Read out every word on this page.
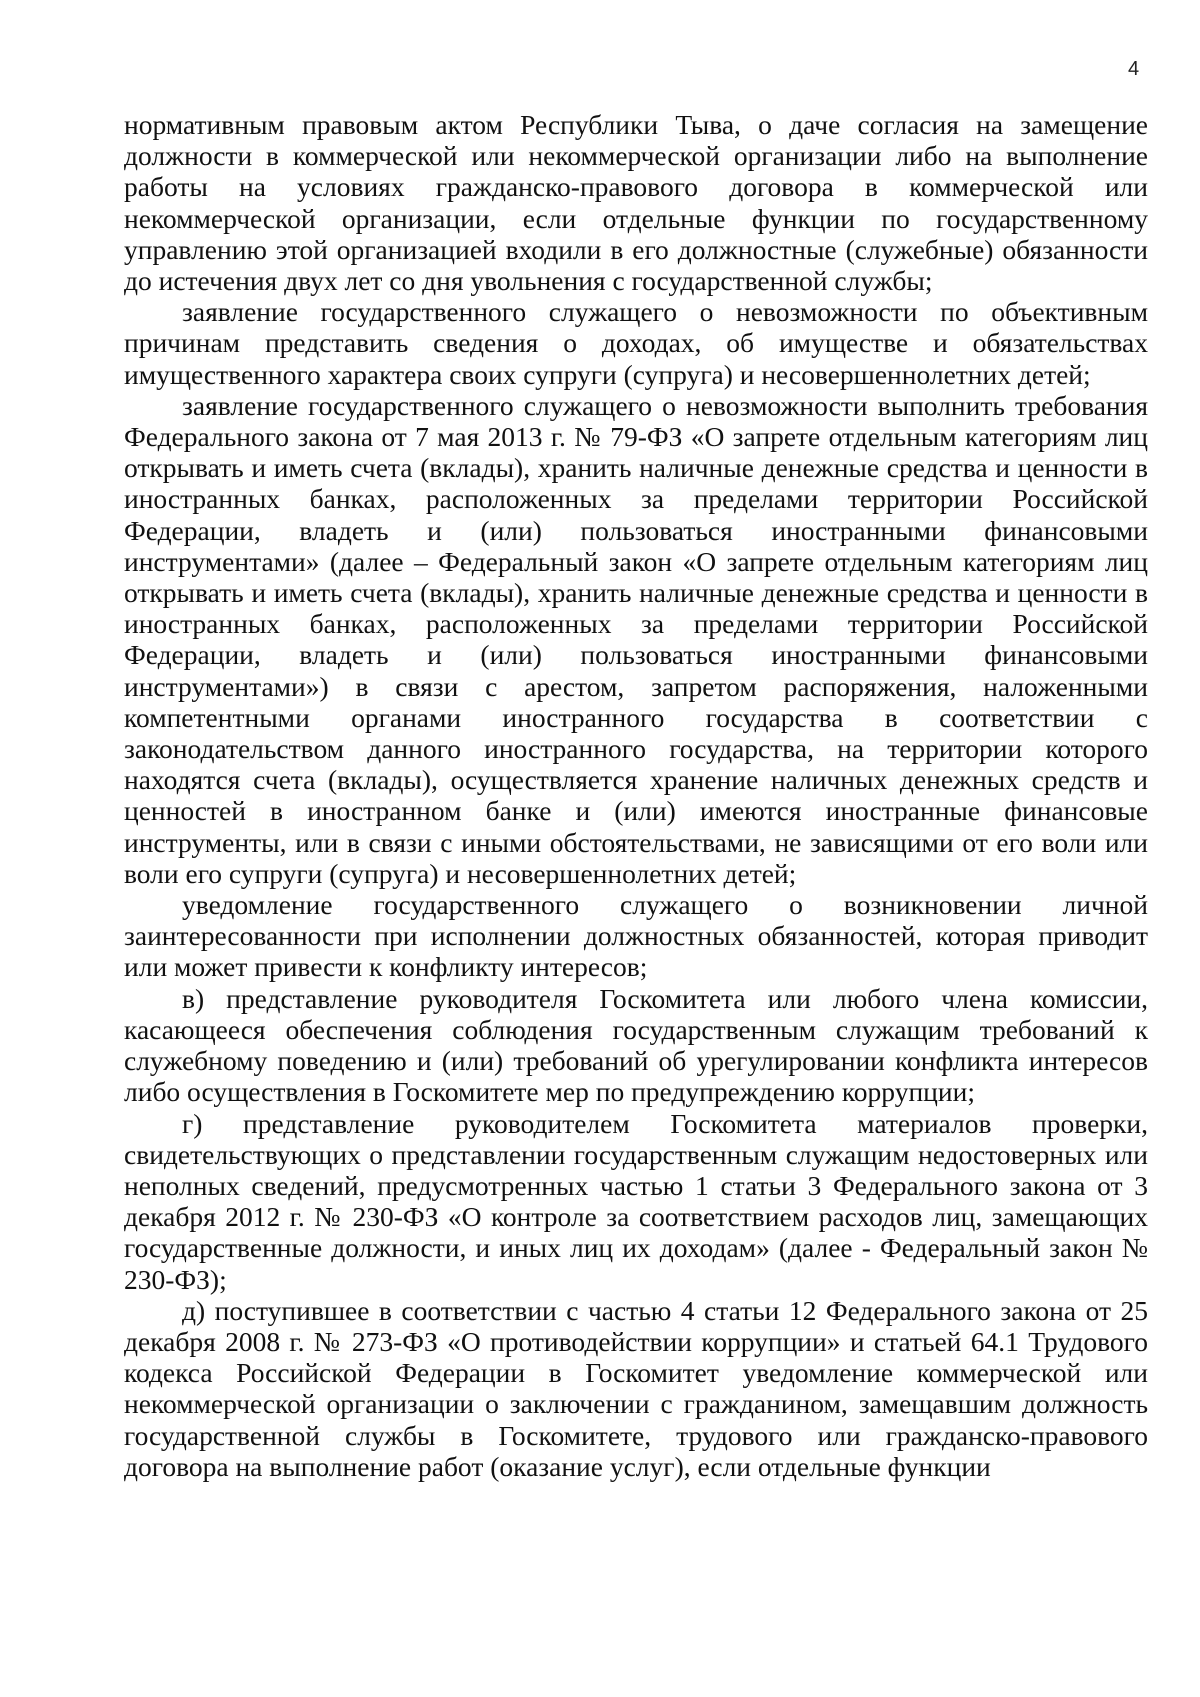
4

нормативным правовым актом Республики Тыва, о даче согласия на замещение должности в коммерческой или некоммерческой организации либо на выполнение работы на условиях гражданско-правового договора в коммерческой или некоммерческой организации, если отдельные функции по государственному управлению этой организацией входили в его должностные (служебные) обязанности до истечения двух лет со дня увольнения с государственной службы;

заявление государственного служащего о невозможности по объективным причинам представить сведения о доходах, об имуществе и обязательствах имущественного характера своих супруги (супруга) и несовершеннолетних детей;

заявление государственного служащего о невозможности выполнить требования Федерального закона от 7 мая 2013 г. № 79-ФЗ «О запрете отдельным категориям лиц открывать и иметь счета (вклады), хранить наличные денежные средства и ценности в иностранных банках, расположенных за пределами территории Российской Федерации, владеть и (или) пользоваться иностранными финансовыми инструментами» (далее – Федеральный закон «О запрете отдельным категориям лиц открывать и иметь счета (вклады), хранить наличные денежные средства и ценности в иностранных банках, расположенных за пределами территории Российской Федерации, владеть и (или) пользоваться иностранными финансовыми инструментами») в связи с арестом, запретом распоряжения, наложенными компетентными органами иностранного государства в соответствии с законодательством данного иностранного государства, на территории которого находятся счета (вклады), осуществляется хранение наличных денежных средств и ценностей в иностранном банке и (или) имеются иностранные финансовые инструменты, или в связи с иными обстоятельствами, не зависящими от его воли или воли его супруги (супруга) и несовершеннолетних детей;

уведомление государственного служащего о возникновении личной заинтересованности при исполнении должностных обязанностей, которая приводит или может привести к конфликту интересов;

в) представление руководителя Госкомитета или любого члена комиссии, касающееся обеспечения соблюдения государственным служащим требований к служебному поведению и (или) требований об урегулировании конфликта интересов либо осуществления в Госкомитете мер по предупреждению коррупции;

г) представление руководителем Госкомитета материалов проверки, свидетельствующих о представлении государственным служащим недостоверных или неполных сведений, предусмотренных частью 1 статьи 3 Федерального закона от 3 декабря 2012 г. № 230-ФЗ «О контроле за соответствием расходов лиц, замещающих государственные должности, и иных лиц их доходам» (далее - Федеральный закон № 230-ФЗ);

д) поступившее в соответствии с частью 4 статьи 12 Федерального закона от 25 декабря 2008 г. № 273-ФЗ «О противодействии коррупции» и статьей 64.1 Трудового кодекса Российской Федерации в Госкомитет уведомление коммерческой или некоммерческой организации о заключении с гражданином, замещавшим должность государственной службы в Госкомитете, трудового или гражданско-правового договора на выполнение работ (оказание услуг), если отдельные функции
